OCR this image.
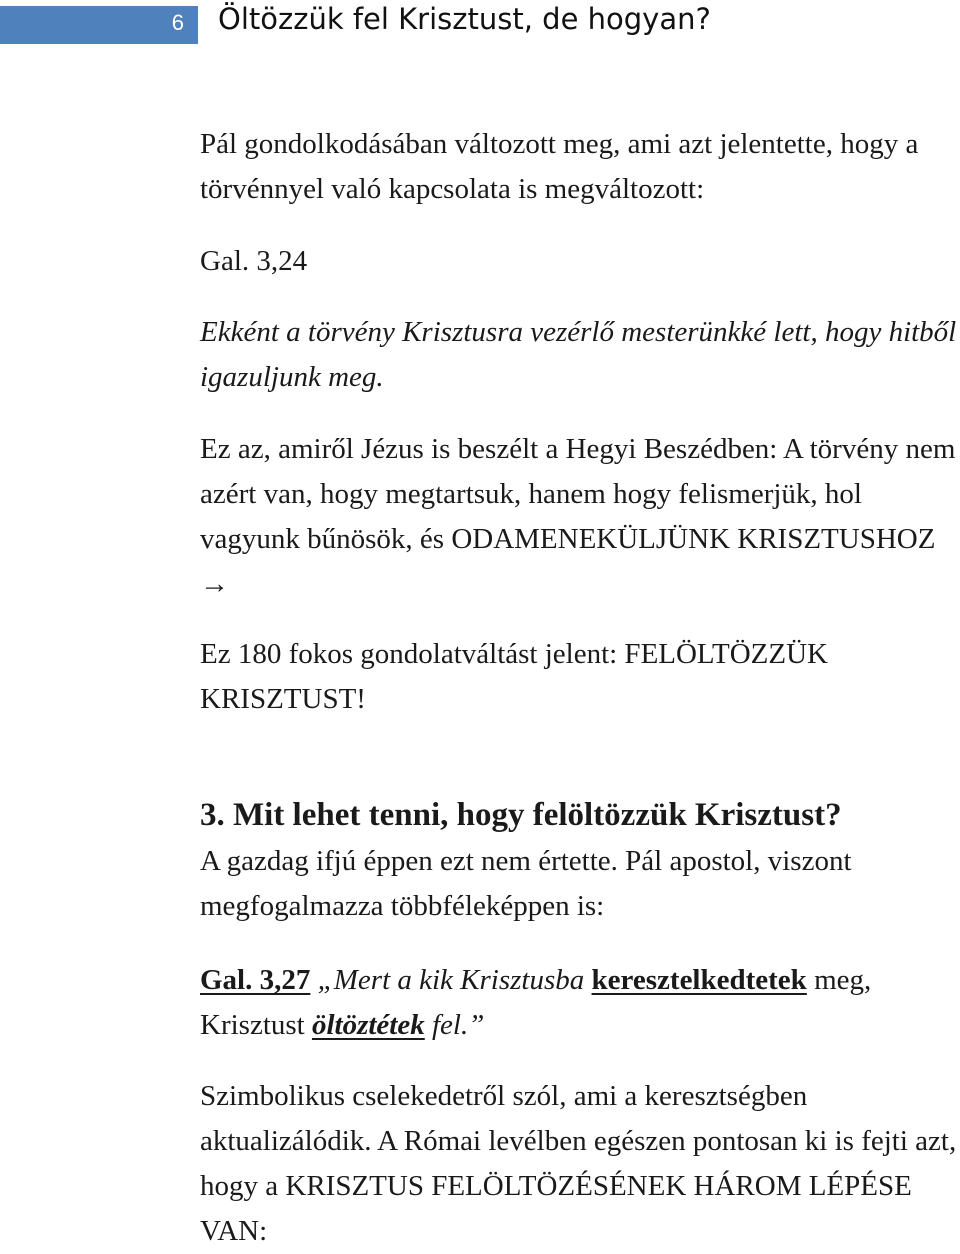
6 Öltözzük fel Krisztust, de hogyan?

Pál gondolkodásában változott meg, ami azt jelentette, hogy a törvénnyel való kapcsolata is megváltozott:

Gal. 3,24

Ekként a törvény Krisztusra vezérlő mesterünkké lett, hogy hitből igazuljunk meg.

Ez az, amiről Jézus is beszélt a Hegyi Beszédben: A törvény nem azért van, hogy megtartsuk, hanem hogy felismerjük, hol vagyunk bűnösök, és ODAMENEKÜLJÜNK KRISZTUSHOZ →

Ez 180 fokos gondolatváltást jelent: FELÖLTÖZZÜK KRISZTUST!

3. Mit lehet tenni, hogy felöltözzük Krisztust?

A gazdag ifjú éppen ezt nem értette. Pál apostol, viszont megfogalmazza többféleképpen is:

Gal. 3,27 „Mert a kik Krisztusba keresztelkedtetek meg, Krisztust öltöztétek fel.”

Szimbolikus cselekedetről szól, ami a keresztségben aktualizálódik. A Római levélben egészen pontosan ki is fejti azt, hogy a KRISZTUS FELÖLTÖZÉSÉNEK HÁROM LÉPÉSE VAN:
